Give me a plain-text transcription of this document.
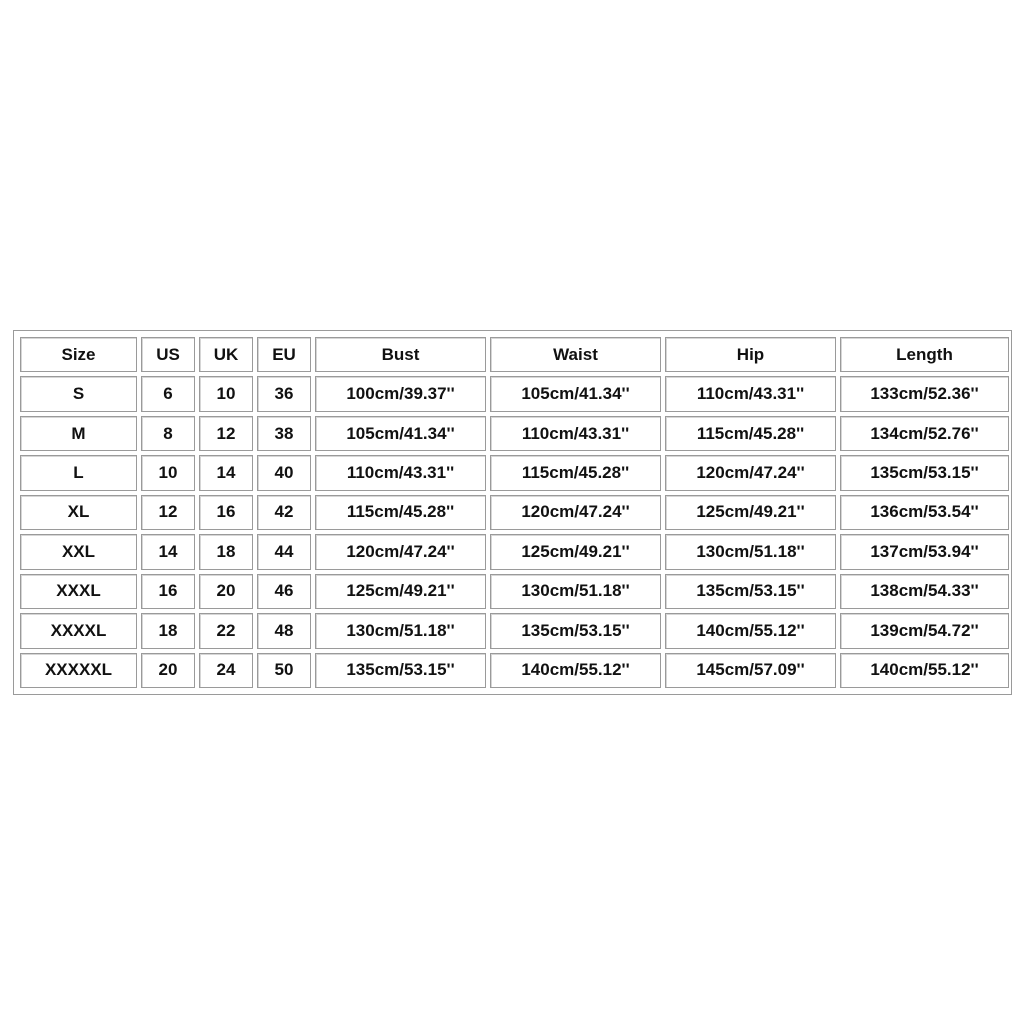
Size	US	UK	EU	Bust	Waist	Hip	Length
S	6	10	36	100cm/39.37''	105cm/41.34''	110cm/43.31''	133cm/52.36''
M	8	12	38	105cm/41.34''	110cm/43.31''	115cm/45.28''	134cm/52.76''
L	10	14	40	110cm/43.31''	115cm/45.28''	120cm/47.24''	135cm/53.15''
XL	12	16	42	115cm/45.28''	120cm/47.24''	125cm/49.21''	136cm/53.54''
XXL	14	18	44	120cm/47.24''	125cm/49.21''	130cm/51.18''	137cm/53.94''
XXXL	16	20	46	125cm/49.21''	130cm/51.18''	135cm/53.15''	138cm/54.33''
XXXXL	18	22	48	130cm/51.18''	135cm/53.15''	140cm/55.12''	139cm/54.72''
XXXXXL	20	24	50	135cm/53.15''	140cm/55.12''	145cm/57.09''	140cm/55.12''
